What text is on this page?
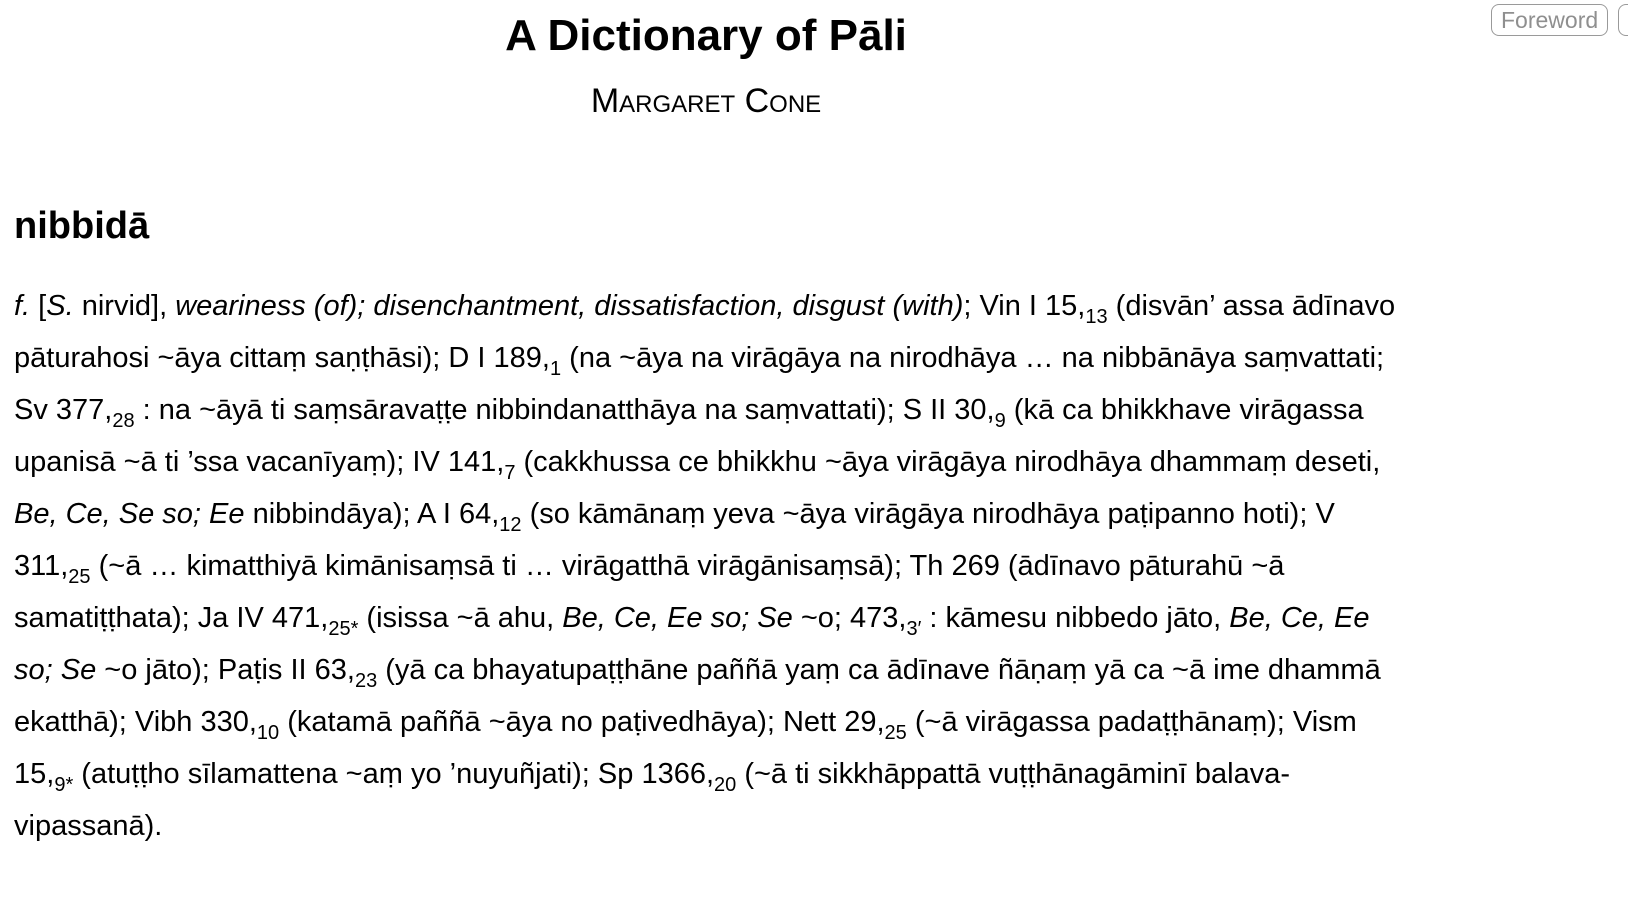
A Dictionary of Pāli
Margaret Cone
Foreword
nibbidā
f. [S. nirvid], weariness (of); disenchantment, dissatisfaction, disgust (with); Vin I $15,_{13}$ (disvān’ assa ādīnavo
pāturahosi ~āya cittaṃ saṇṭhāsi); D I $189,_1$ (na ~āya na virāgāya na nirodhāya … na nibbānāya saṃvattati;
Sv $377,_{28}$ : na ~āyā ti saṃsāravaṭṭe nibbindanatthāya na saṃvattati); S II $30,_9$ (kā ca bhikkhave virāgassa
upanisā ~ā ti ’ssa vacanīyaṃ); IV $141,_7$ (cakkhussa ce bhikkhu ~āya virāgāya nirodhāya dhammaṃ deseti,
Be, Ce, Se so; Ee nibbindāya); A I $64,_{12}$ (so kāmānaṃ yeva ~āya virāgāya nirodhāya paṭipanno hoti); V
$311,_{25}$ (~ā … kimatthiyā kimānisaṃsā ti … virāgatthā virāgānisaṃsā); Th 269 (ādīnavo pāturahū ~ā
samatiṭṭhata); Ja IV $471,_{25*}$ (isissa ~ā ahu, Be, Ce, Ee so; Se ~o; $473,_{3'}$ : kāmesu nibbedo jāto, Be, Ce, Ee
so; Se ~o jāto); Paṭis II $63,_{23}$ (yā ca bhayatupaṭṭhāne paññā yaṃ ca ādīnave ñāṇaṃ yā ca ~ā ime dhammā
ekatthā); Vibh $330,_{10}$ (katamā paññā ~āya no paṭivedhāya); Nett $29,_{25}$ (~ā virāgassa padaṭṭhānaṃ); Vism
$15,_{9*}$ (atuṭṭho sīlamattena ~aṃ yo ’nuyuñjati); Sp $1366,_{20}$ (~ā ti sikkhāppattā vuṭṭhānagāminī balava-
vipassanā).
